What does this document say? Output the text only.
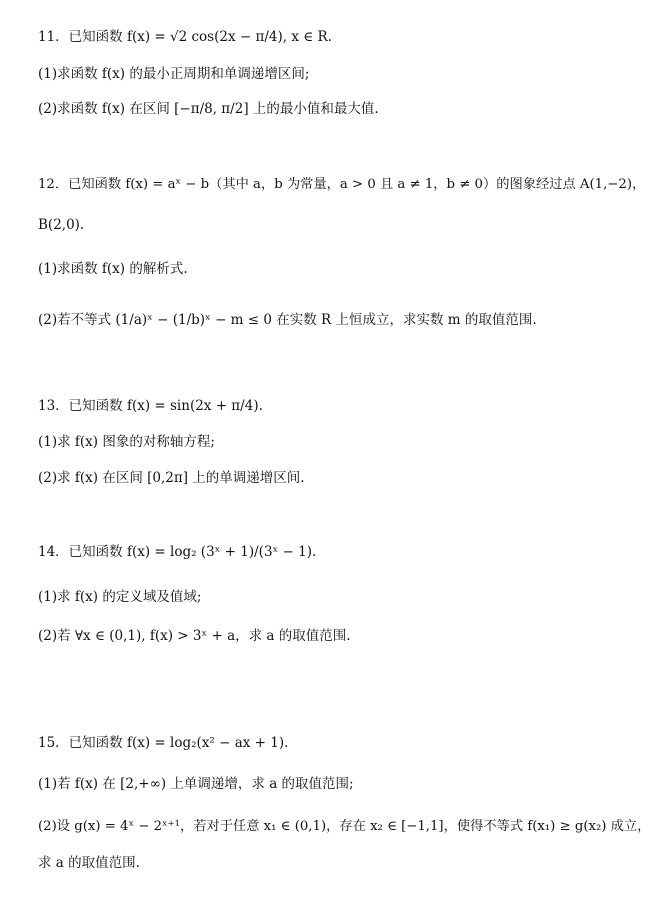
11．已知函数 f(x) = √2 cos(2x − π/4), x ∈ R.
(1)求函数 f(x) 的最小正周期和单调递增区间;
(2)求函数 f(x) 在区间 [−π/8, π/2] 上的最小值和最大值.
12．已知函数 f(x) = aˣ − b（其中 a，b 为常量，a > 0 且 a ≠ 1，b ≠ 0）的图象经过点 A(1,−2)，
B(2,0).
(1)求函数 f(x) 的解析式.
(2)若不等式 (1/a)ˣ − (1/b)ˣ − m ≤ 0 在实数 R 上恒成立，求实数 m 的取值范围.
13．已知函数 f(x) = sin(2x + π/4).
(1)求 f(x) 图象的对称轴方程;
(2)求 f(x) 在区间 [0,2π] 上的单调递增区间.
14．已知函数 f(x) = log₂ (3ˣ + 1)/(3ˣ − 1).
(1)求 f(x) 的定义域及值域;
(2)若 ∀x ∈ (0,1), f(x) > 3ˣ + a，求 a 的取值范围.
15．已知函数 f(x) = log₂(x² − ax + 1).
(1)若 f(x) 在 [2,+∞) 上单调递增，求 a 的取值范围;
(2)设 g(x) = 4ˣ − 2ˣ⁺¹，若对于任意 x₁ ∈ (0,1)，存在 x₂ ∈ [−1,1]，使得不等式 f(x₁) ≥ g(x₂) 成立，
求 a 的取值范围.
